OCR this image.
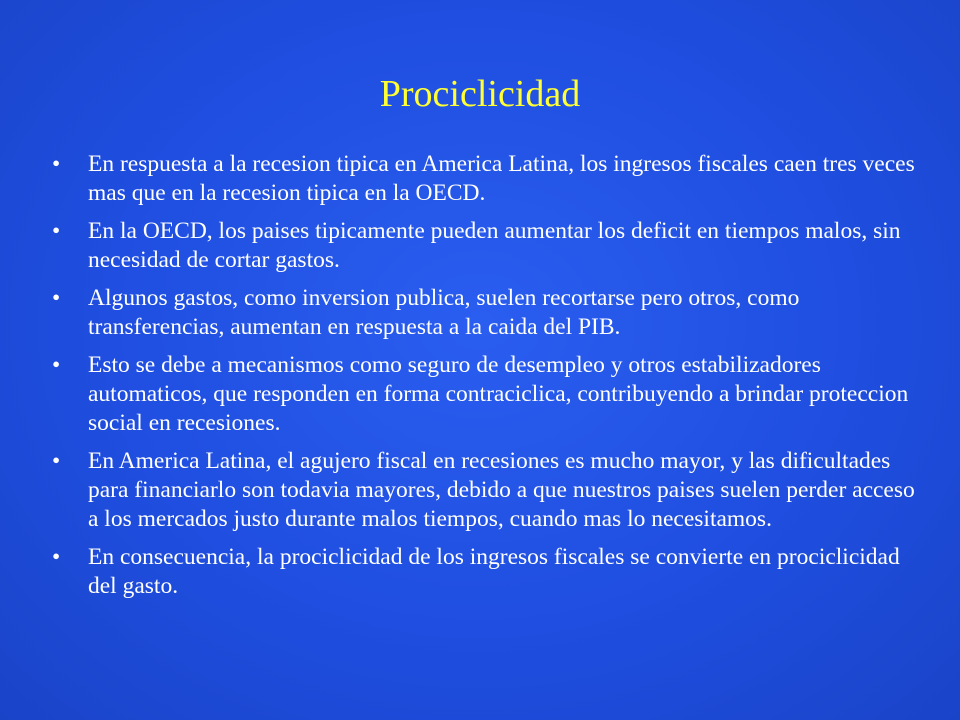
Prociclicidad
•	En respuesta a la recesion tipica en America Latina, los ingresos fiscales caen tres veces mas que en la recesion tipica en la OECD.
•	En la OECD, los paises tipicamente pueden aumentar los deficit en tiempos malos, sin necesidad de cortar gastos.
•	Algunos gastos, como inversion publica, suelen recortarse pero otros, como transferencias, aumentan en respuesta a la caida del PIB.
•	Esto se debe a mecanismos como seguro de desempleo y otros estabilizadores automaticos, que responden en forma contraciclica, contribuyendo a brindar proteccion social en recesiones.
•	En America Latina, el agujero fiscal en recesiones es mucho mayor, y las dificultades para financiarlo son todavia mayores, debido a que nuestros paises suelen perder acceso a los mercados justo durante malos tiempos, cuando mas lo necesitamos.
•	En consecuencia, la prociclicidad de los ingresos fiscales se convierte en prociclicidad del gasto.
